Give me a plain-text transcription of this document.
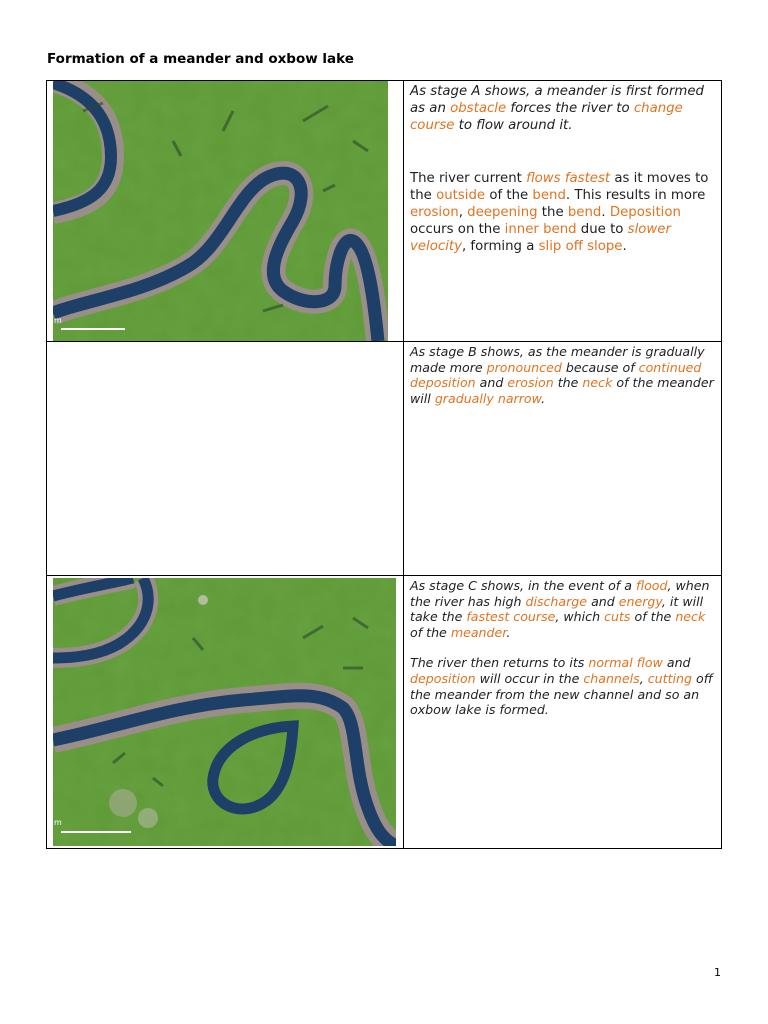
Formation of a meander and oxbow lake
m	As stage A shows, a meander is first formed as an obstacle forces the river to change course to flow around it.

The river current flows fastest as it moves to the outside of the bend. This results in more erosion, deepening the bend. Deposition occurs on the inner bend due to slower velocity, forming a slip off slope.

	As stage B shows, as the meander is gradually made more pronounced because of continued deposition and erosion the neck of the meander will gradually narrow.

m	As stage C shows, in the event of a flood, when the river has high discharge and energy, it will take the fastest course, which cuts of the neck of the meander.

The river then returns to its normal flow and deposition will occur in the channels, cutting off the meander from the new channel and so an oxbow lake is formed.

1
